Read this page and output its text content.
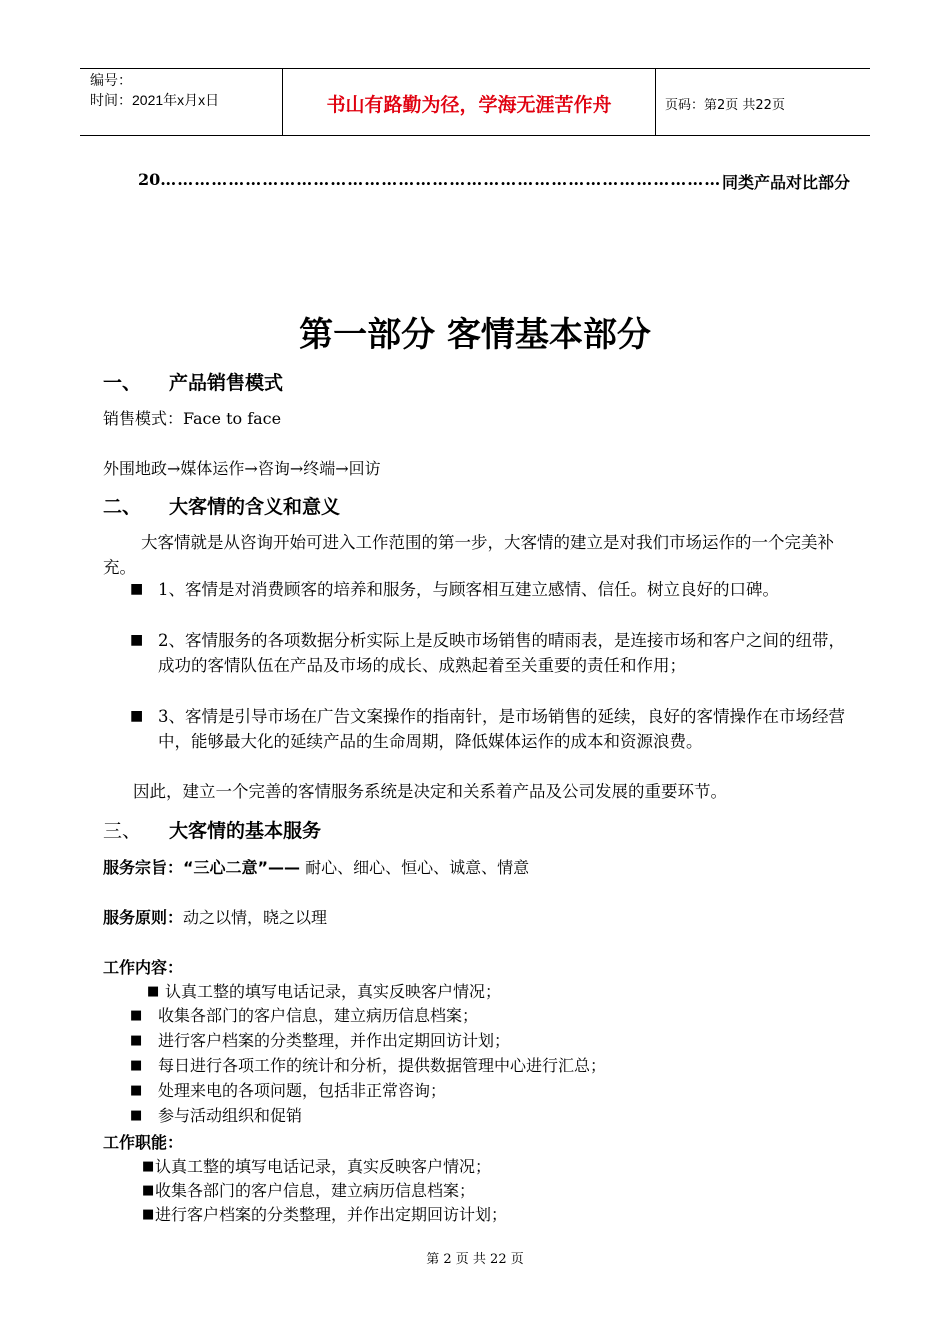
编号：
时间：2021年x月x日	书山有路勤为径，学海无涯苦作舟	页码：第2页 共22页
20
…………………………………………………………………………………………………………………………………………………………	同类产品对比部分
第一部分 客情基本部分
一、 产品销售模式
销售模式：Face to face
外围地政→媒体运作→咨询→终端→回访
二、 大客情的含义和意义
大客情就是从咨询开始可进入工作范围的第一步，大客情的建立是对我们市场运作的一个完美补充。
■ 1、客情是对消费顾客的培养和服务，与顾客相互建立感情、信任。树立良好的口碑。
■ 2、客情服务的各项数据分析实际上是反映市场销售的晴雨表，是连接市场和客户之间的纽带，成功的客情队伍在产品及市场的成长、成熟起着至关重要的责任和作用；
■ 3、客情是引导市场在广告文案操作的指南针，是市场销售的延续，良好的客情操作在市场经营中，能够最大化的延续产品的生命周期，降低媒体运作的成本和资源浪费。
因此，建立一个完善的客情服务系统是决定和关系着产品及公司发展的重要环节。
三、 大客情的基本服务
服务宗旨：“三心二意”—— 耐心、细心、恒心、诚意、情意
服务原则：动之以情，晓之以理
工作内容：
■ 认真工整的填写电话记录，真实反映客户情况；
■ 收集各部门的客户信息，建立病历信息档案；
■ 进行客户档案的分类整理，并作出定期回访计划；
■ 每日进行各项工作的统计和分析，提供数据管理中心进行汇总；
■ 处理来电的各项问题，包括非正常咨询；
■ 参与活动组织和促销
工作职能：
■ 认真工整的填写电话记录，真实反映客户情况；
■ 收集各部门的客户信息，建立病历信息档案；
■ 进行客户档案的分类整理，并作出定期回访计划；
第 2 页 共 22 页
